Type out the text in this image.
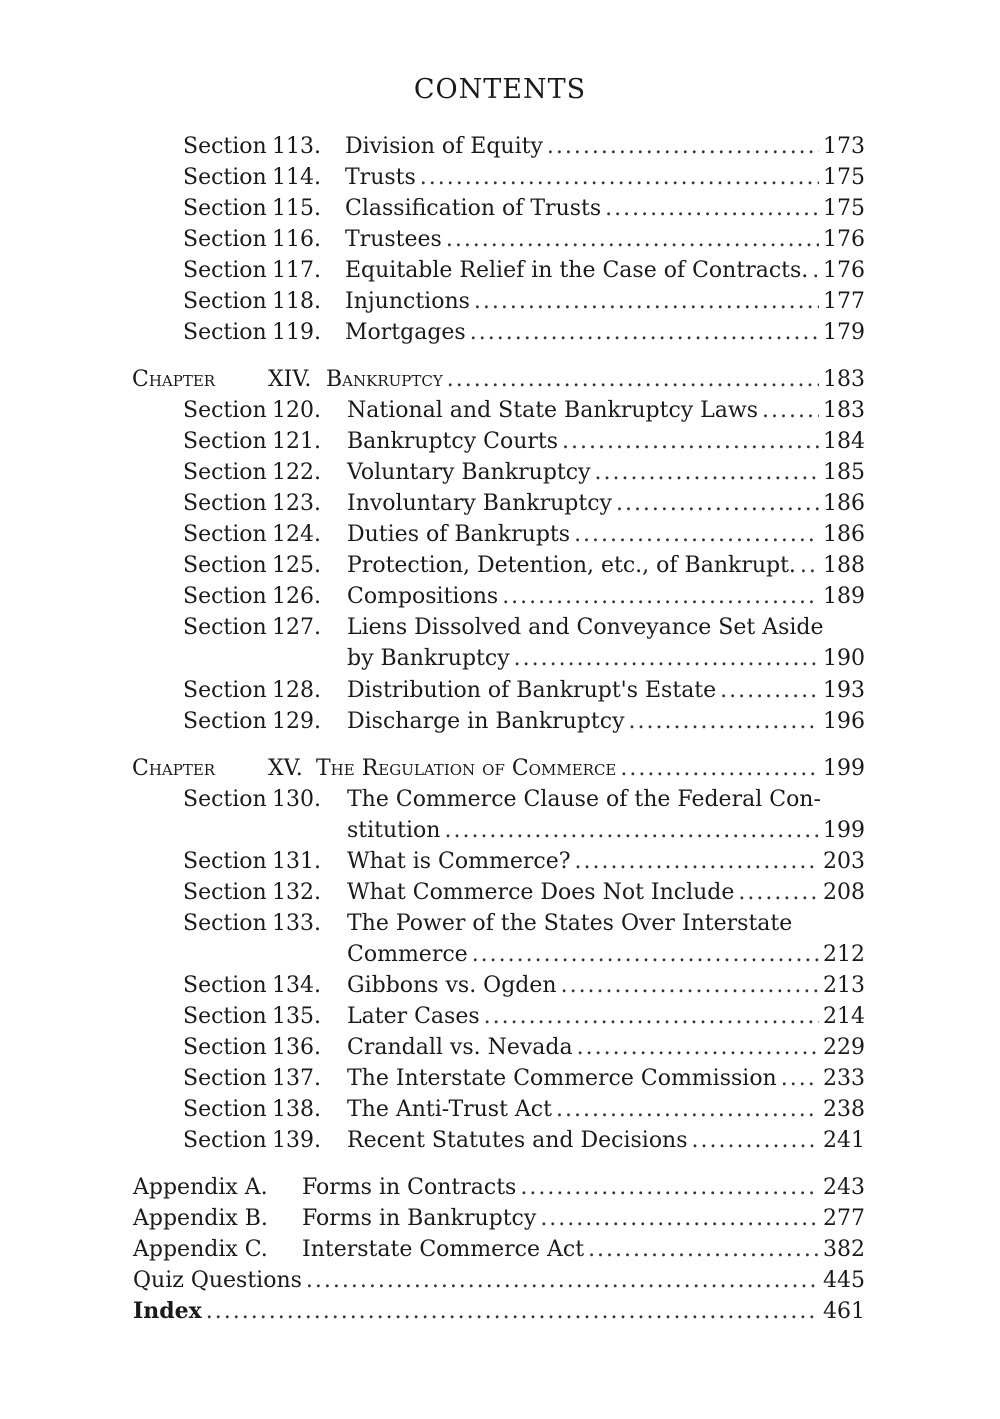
CONTENTS
Section 113. Division of Equity .....	173
Section 114. Trusts .....	175
Section 115. Classification of Trusts .....	175
Section 116. Trustees .....	176
Section 117. Equitable Relief in the Case of Contracts. ..... 176
Section 118. Injunctions .....	177
Section 119. Mortgages .....	179
Chapter XIV. Bankruptcy .....	183
Section 120. National and State Bankruptcy Laws .....	183
Section 121. Bankruptcy Courts .....	184
Section 122. Voluntary Bankruptcy .....	185
Section 123. Involuntary Bankruptcy .....	186
Section 124. Duties of Bankrupts .....	186
Section 125. Protection, Detention, etc., of Bankrupt. ..... 188
Section 126. Compositions .....	189
Section 127. Liens Dissolved and Conveyance Set Aside
by Bankruptcy .....	190
Section 128. Distribution of Bankrupt's Estate .....	193
Section 129. Discharge in Bankruptcy .....	196
Chapter XV. The Regulation of Commerce .....	199
Section 130. The Commerce Clause of the Federal Con-
stitution .....	199
Section 131. What is Commerce? .....	203
Section 132. What Commerce Does Not Include .....	208
Section 133. The Power of the States Over Interstate
Commerce .....	212
Section 134. Gibbons vs. Ogden .....	213
Section 135. Later Cases .....	214
Section 136. Crandall vs. Nevada .....	229
Section 137. The Interstate Commerce Commission ..... 233
Section 138. The Anti-Trust Act .....	238
Section 139. Recent Statutes and Decisions .....	241
Appendix A. Forms in Contracts .....	243
Appendix B. Forms in Bankruptcy .....	277
Appendix C. Interstate Commerce Act .....	382
Quiz Questions .....	445
Index .....	461
